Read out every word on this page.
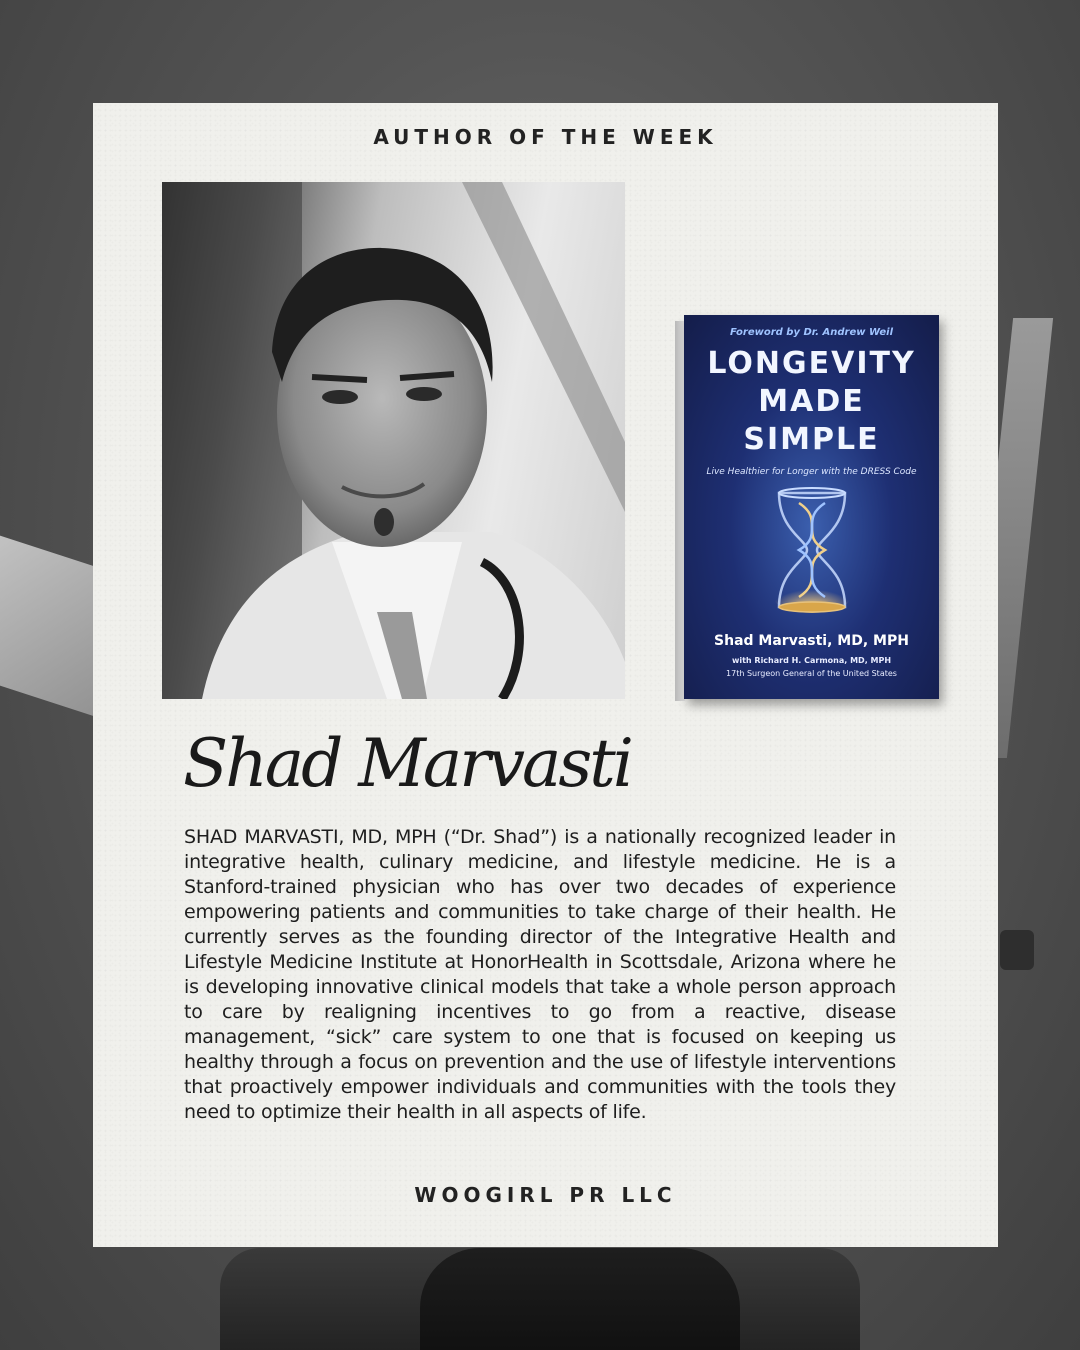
AUTHOR OF THE WEEK
Foreword by Dr. Andrew Weil
LONGEVITY
MADE
SIMPLE
Live Healthier for Longer with the DRESS Code
Shad Marvasti, MD, MPH
with Richard H. Carmona, MD, MPH
17th Surgeon General of the United States
Shad Marvasti
SHAD MARVASTI, MD, MPH (“Dr. Shad”) is a nationally recognized leader in integrative health, culinary medicine, and lifestyle medicine. He is a Stanford-trained physician who has over two decades of experience empowering patients and communities to take charge of their health. He currently serves as the founding director of the Integrative Health and Lifestyle Medicine Institute at HonorHealth in Scottsdale, Arizona where he is developing innovative clinical models that take a whole person approach to care by realigning incentives to go from a reactive, disease management, “sick” care system to one that is focused on keeping us healthy through a focus on prevention and the use of lifestyle interventions that proactively empower individuals and communities with the tools they need to optimize their health in all aspects of life.
WOOGIRL PR LLC
